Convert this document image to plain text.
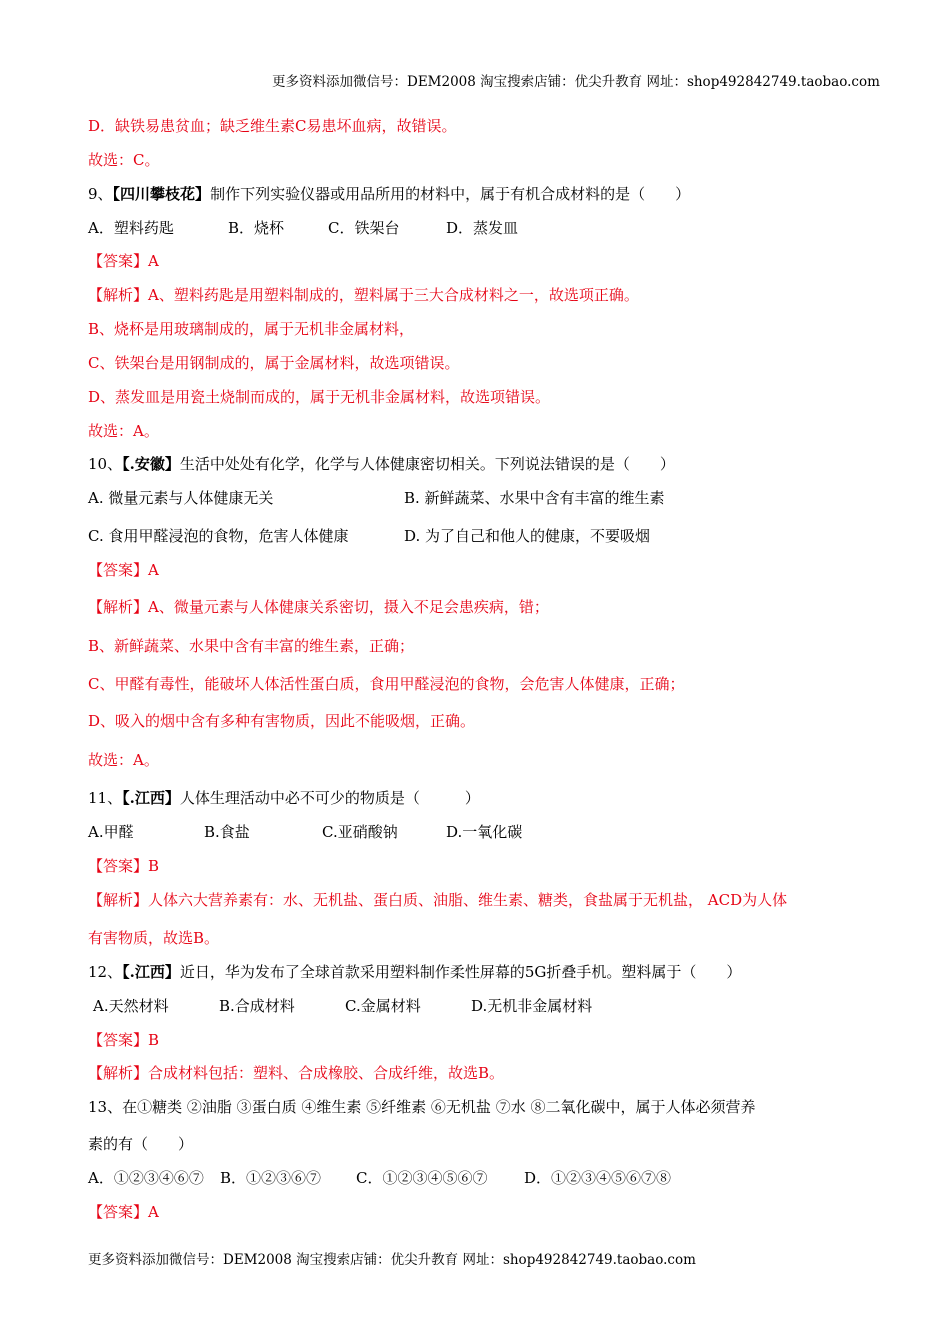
更多资料添加微信号：DEM2008 淘宝搜索店铺：优尖升教育 网址：shop492842749.taobao.com
D．缺铁易患贫血；缺乏维生素C易患坏血病，故错误。
故选：C。
9、【四川攀枝花】制作下列实验仪器或用品所用的材料中，属于有机合成材料的是（　　）
A．塑料药匙	B．烧杯	C．铁架台	D．蒸发皿
【答案】A
【解析】A、塑料药匙是用塑料制成的，塑料属于三大合成材料之一，故选项正确。
B、烧杯是用玻璃制成的，属于无机非金属材料，
C、铁架台是用钢制成的，属于金属材料，故选项错误。
D、蒸发皿是用瓷土烧制而成的，属于无机非金属材料，故选项错误。
故选：A。
10、【.安徽】生活中处处有化学，化学与人体健康密切相关。下列说法错误的是（　　）
A. 微量元素与人体健康无关	B. 新鲜蔬菜、水果中含有丰富的维生素
C. 食用甲醛浸泡的食物，危害人体健康	D. 为了自己和他人的健康，不要吸烟
【答案】A
【解析】A、微量元素与人体健康关系密切，摄入不足会患疾病，错；
B、新鲜蔬菜、水果中含有丰富的维生素，正确；
C、甲醛有毒性，能破坏人体活性蛋白质，食用甲醛浸泡的食物，会危害人体健康，正确；
D、吸入的烟中含有多种有害物质，因此不能吸烟，正确。
故选：A。
11、【.江西】人体生理活动中必不可少的物质是（　　　）
A.甲醛	B.食盐	C.亚硝酸钠	D.一氧化碳
【答案】B
【解析】人体六大营养素有：水、无机盐、蛋白质、油脂、维生素、糖类，食盐属于无机盐， ACD为人体
有害物质，故选B。
12、【.江西】近日，华为发布了全球首款采用塑料制作柔性屏幕的5G折叠手机。塑料属于（　　）
A.天然材料	B.合成材料	C.金属材料	D.无机非金属材料
【答案】B
【解析】合成材料包括：塑料、合成橡胶、合成纤维，故选B。
13、在①糖类 ②油脂 ③蛋白质 ④维生素 ⑤纤维素 ⑥无机盐 ⑦水 ⑧二氧化碳中，属于人体必须营养
素的有（　　）
A．①②③④⑥⑦ B．①②③⑥⑦ C．①②③④⑤⑥⑦ D．①②③④⑤⑥⑦⑧
【答案】A
更多资料添加微信号：DEM2008 淘宝搜索店铺：优尖升教育 网址：shop492842749.taobao.com
